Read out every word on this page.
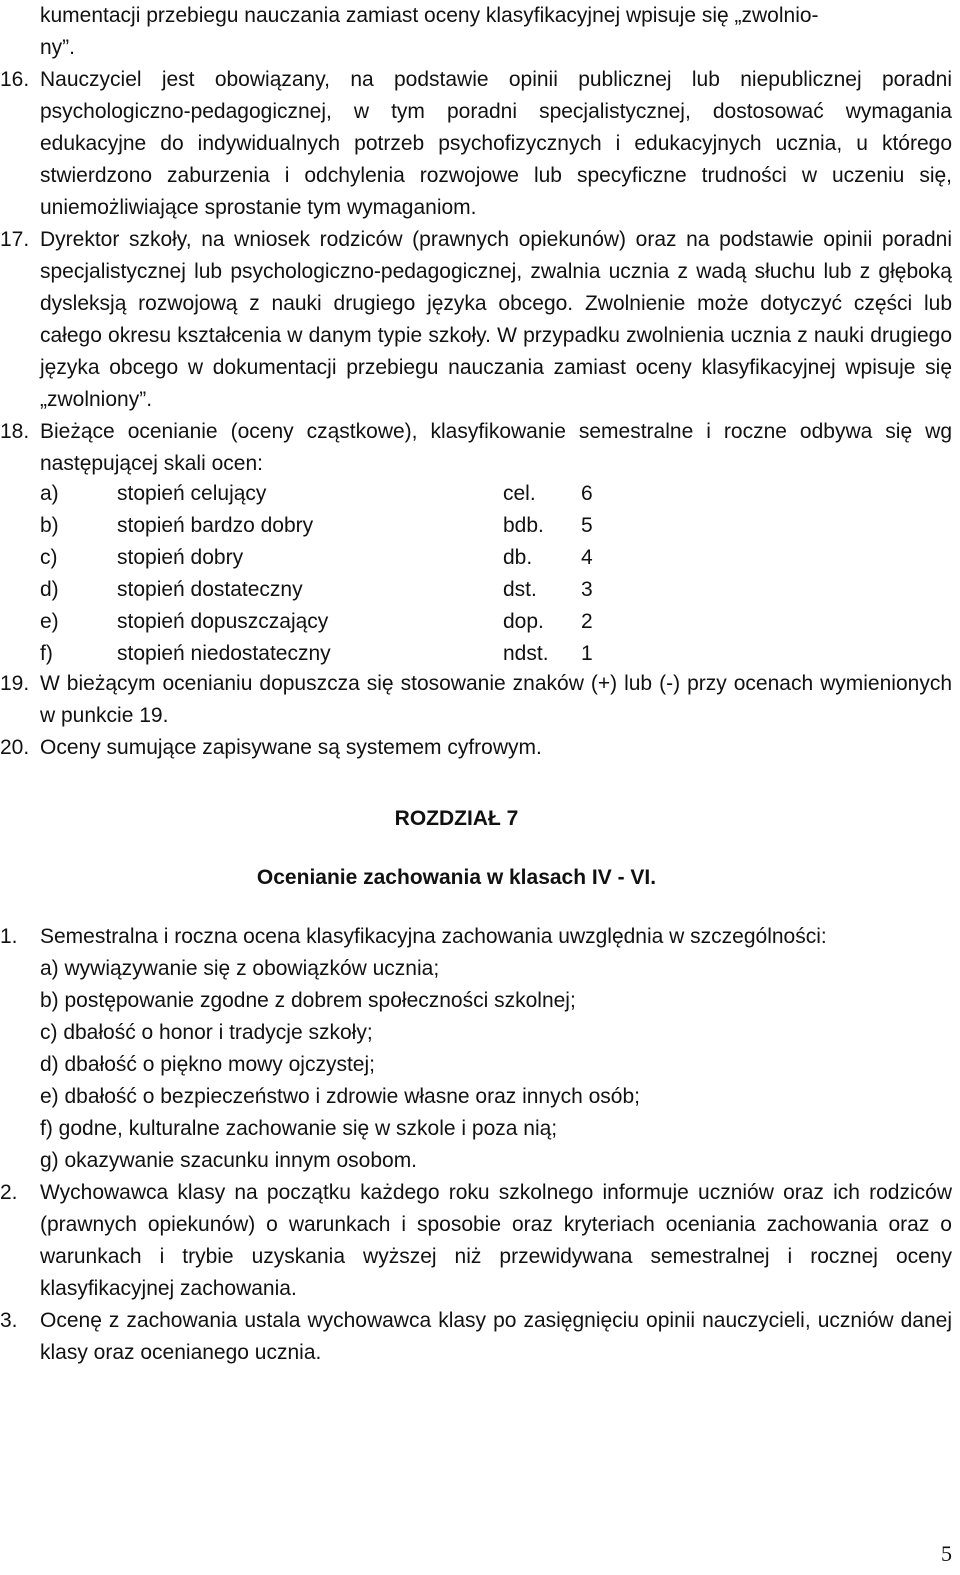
kumentacji przebiegu nauczania zamiast oceny klasyfikacyjnej wpisuje się „zwolnio-
ny”.
16. Nauczyciel jest obowiązany, na podstawie opinii publicznej lub niepublicznej poradni psychologiczno-pedagogicznej, w tym poradni specjalistycznej, dostosować wymagania edukacyjne do indywidualnych potrzeb psychofizycznych i edukacyjnych ucznia, u którego stwierdzono zaburzenia i odchylenia rozwojowe lub specyficzne trudności w uczeniu się, uniemożliwiające sprostanie tym wymaganiom.
17. Dyrektor szkoły, na wniosek rodziców (prawnych opiekunów) oraz na podstawie opinii poradni specjalistycznej lub psychologiczno-pedagogicznej, zwalnia ucznia z wadą słuchu lub z głęboką dysleksją rozwojową z nauki drugiego języka obcego. Zwolnienie może dotyczyć części lub całego okresu kształcenia w danym typie szkoły. W przypadku zwolnienia ucznia z nauki drugiego języka obcego w dokumentacji przebiegu nauczania zamiast oceny klasyfikacyjnej wpisuje się „zwolniony”.
18. Bieżące ocenianie (oceny cząstkowe), klasyfikowanie semestralne i roczne odbywa się wg następującej skali ocen:
a)	stopień celujący	cel. 6
b)	stopień bardzo dobry	bdb. 5
c)	stopień dobry	db. 4
d)	stopień dostateczny	dst. 3
e)	stopień dopuszczający	dop. 2
f)	stopień niedostateczny	ndst. 1
19. W bieżącym ocenianiu dopuszcza się stosowanie znaków (+) lub (-) przy ocenach wymienionych w punkcie 19.
20. Oceny sumujące zapisywane są systemem cyfrowym.
ROZDZIAŁ 7
Ocenianie zachowania w klasach IV - VI.
1.	Semestralna i roczna ocena klasyfikacyjna zachowania uwzględnia w szczególności:
a) wywiązywanie się z obowiązków ucznia;
b) postępowanie zgodne z dobrem społeczności szkolnej;
c) dbałość o honor i tradycje szkoły;
d) dbałość o piękno mowy ojczystej;
e) dbałość o bezpieczeństwo i zdrowie własne oraz innych osób;
f) godne, kulturalne zachowanie się w szkole i poza nią;
g) okazywanie szacunku innym osobom.
2.	Wychowawca klasy na początku każdego roku szkolnego informuje uczniów oraz ich rodziców (prawnych opiekunów) o warunkach i sposobie oraz kryteriach oceniania zachowania oraz o warunkach i trybie uzyskania wyższej niż przewidywana semestralnej i rocznej oceny klasyfikacyjnej zachowania.
3.	Ocenę z zachowania ustala wychowawca klasy po zasięgnięciu opinii nauczycieli, uczniów danej klasy oraz ocenianego ucznia.
5
